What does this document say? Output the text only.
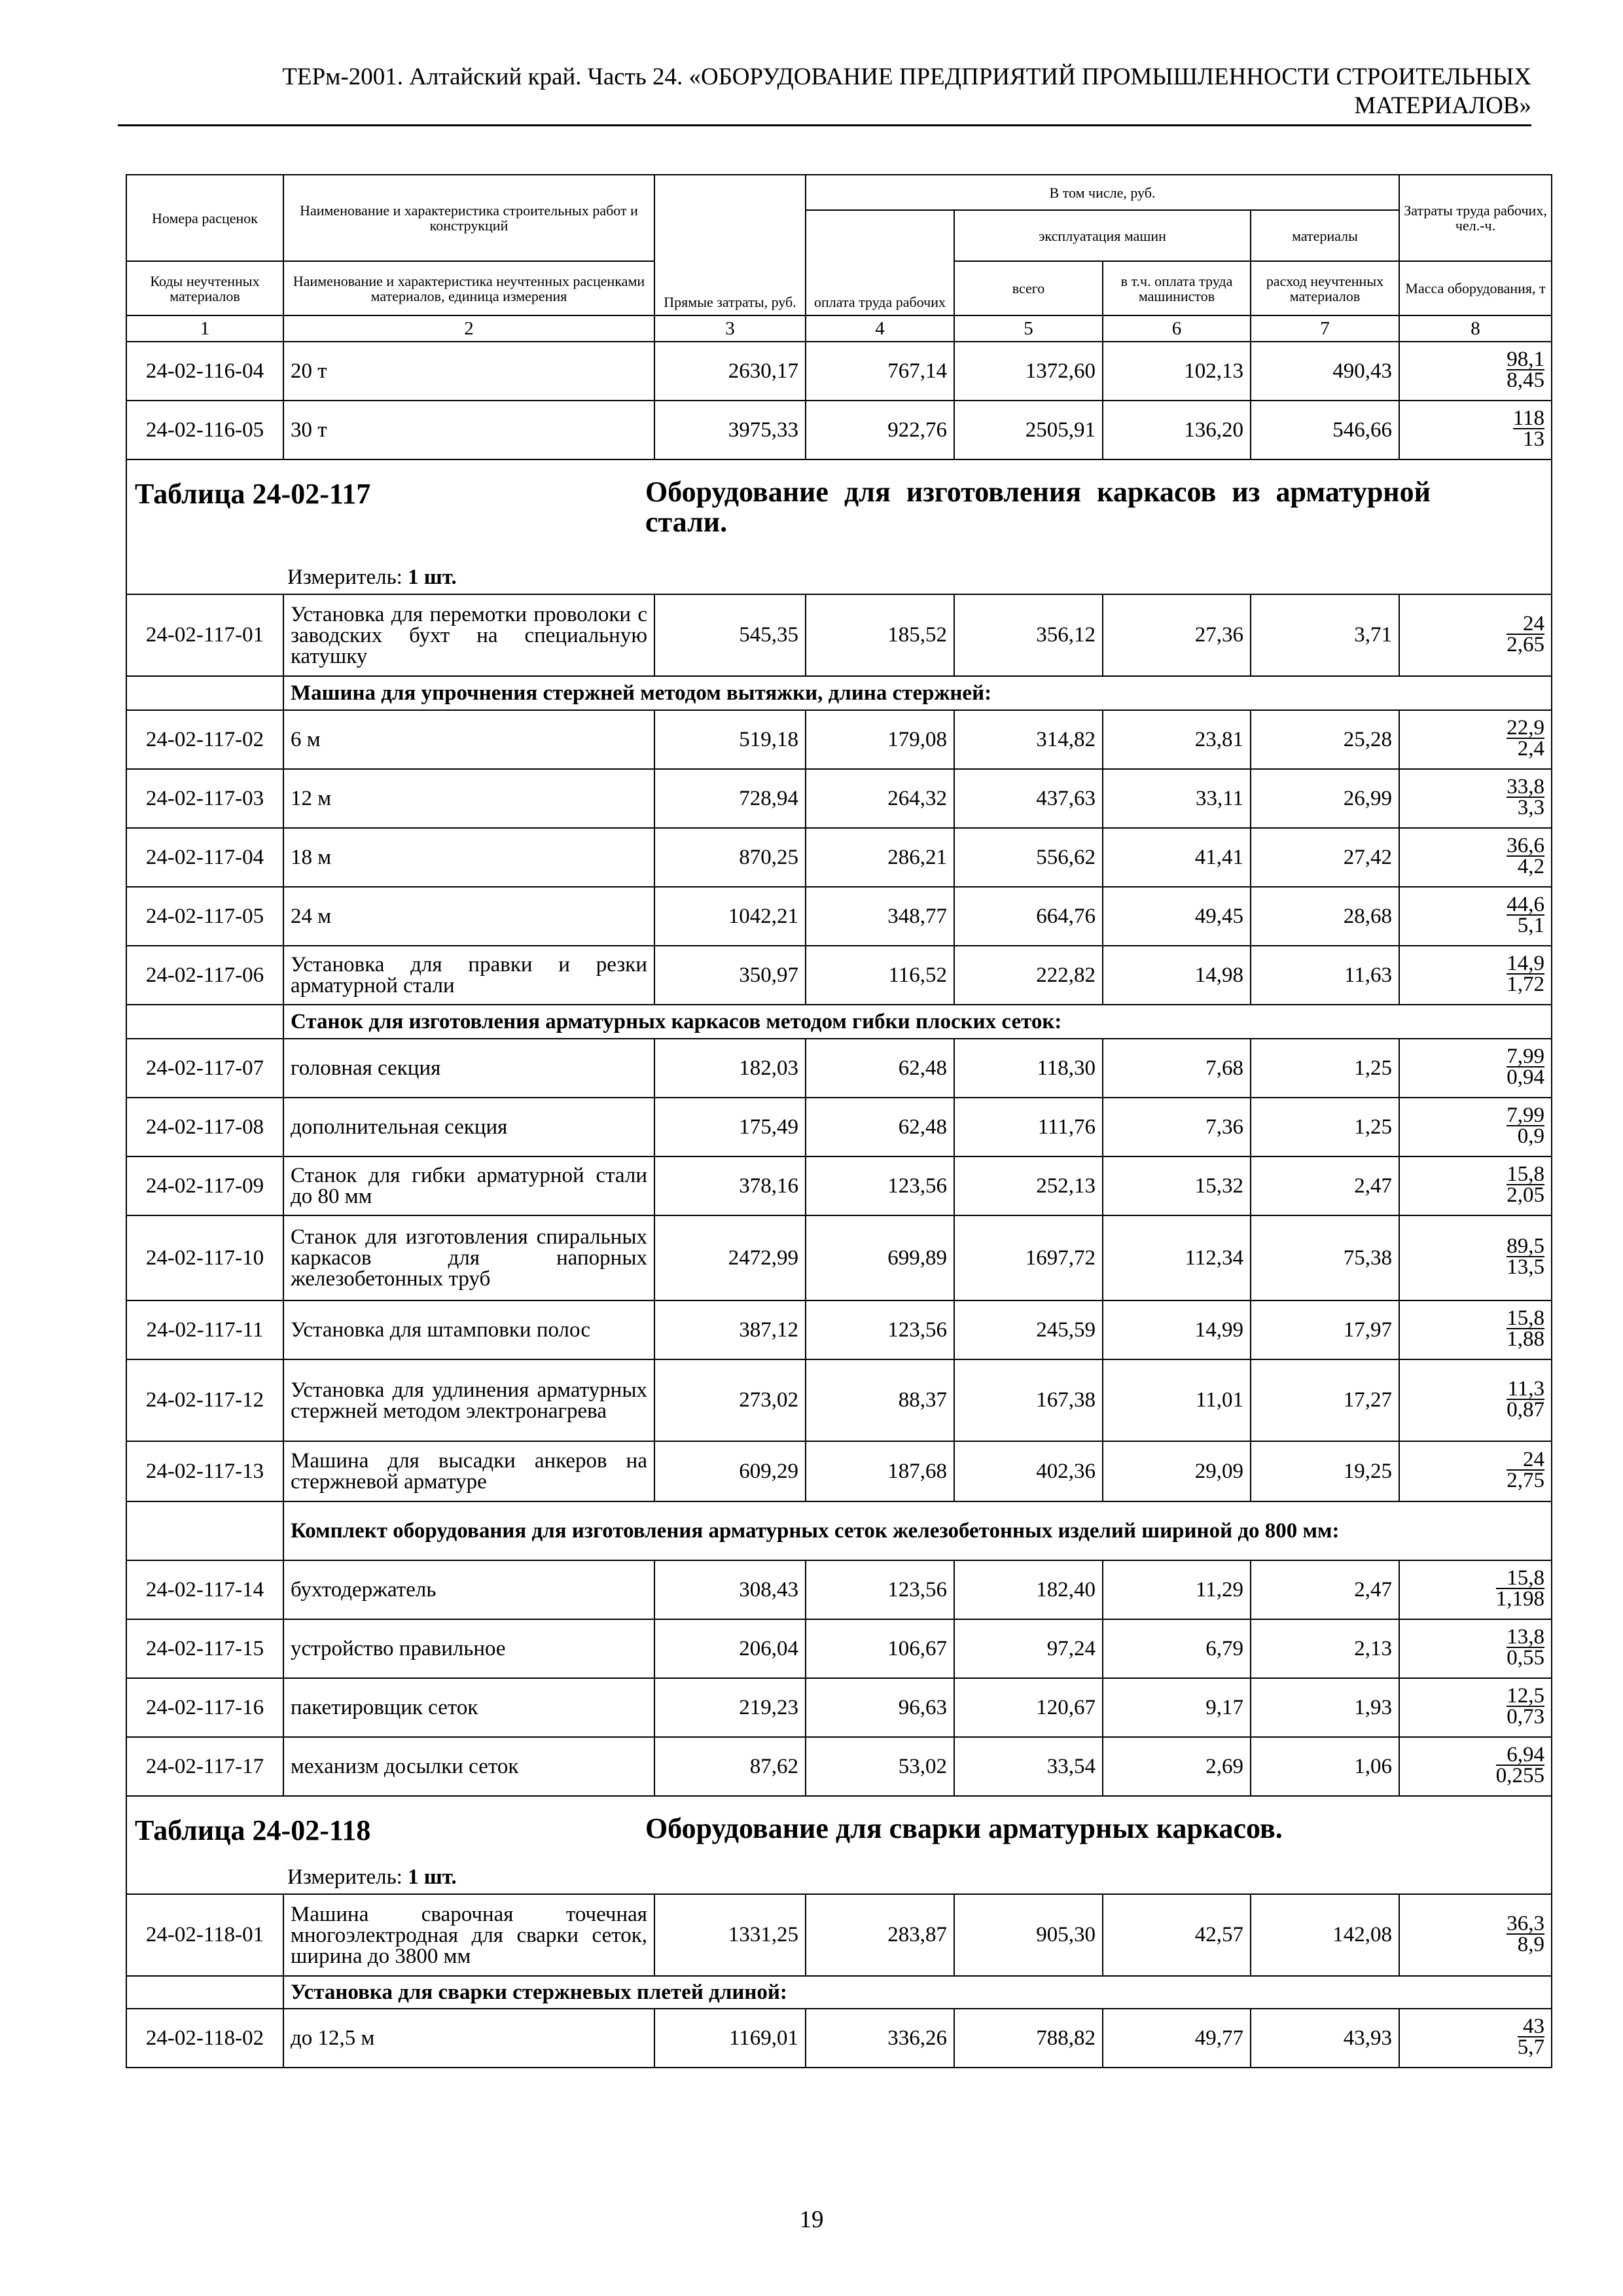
ТЕРм-2001. Алтайский край. Часть 24. «ОБОРУДОВАНИЕ ПРЕДПРИЯТИЙ ПРОМЫШЛЕННОСТИ СТРОИТЕЛЬНЫХ
МАТЕРИАЛОВ»
Номера расценок	Наименование и характеристика строительных работ и конструкций	Прямые затраты, руб.	В том числе, руб.				Затраты труда рабочих, чел.-ч.
			оплата труда рабочих	эксплуатация машин		материалы	
Коды неучтенных материалов	Наименование и характеристика неучтенных расценками материалов, единица измерения			всего	в т.ч. оплата труда машинистов	расход неучтенных материалов	Масса оборудования, т
1	2	3	4	5	6	7	8
24-02-116-04	20 т	2630,17	767,14	1372,60	102,13	490,43	$\frac{98,1}{8,45}$

24-02-116-05	30 т	3975,33	922,76	2505,91	136,20	546,66	$\frac{118}{13}$

Таблица 24-02-117 Оборудование для изготовления каркасов из арматурной стали.
Измеритель: 1 шт.							

24-02-117-01	Установка для перемотки проволоки с заводских бухт на специальную катушку	545,35	185,52	356,12	27,36	3,71	$\frac{24}{2,65}$

	Машина для упрочнения стержней методом вытяжки, длина стержней:						
24-02-117-02	6 м	519,18	179,08	314,82	23,81	25,28	$\frac{22,9}{2,4}$

24-02-117-03	12 м	728,94	264,32	437,63	33,11	26,99	$\frac{33,8}{3,3}$

24-02-117-04	18 м	870,25	286,21	556,62	41,41	27,42	$\frac{36,6}{4,2}$

24-02-117-05	24 м	1042,21	348,77	664,76	49,45	28,68	$\frac{44,6}{5,1}$

24-02-117-06	Установка для правки и резки арматурной стали	350,97	116,52	222,82	14,98	11,63	$\frac{14,9}{1,72}$

	Станок для изготовления арматурных каркасов методом гибки плоских сеток:						
24-02-117-07	головная секция	182,03	62,48	118,30	7,68	1,25	$\frac{7,99}{0,94}$

24-02-117-08	дополнительная секция	175,49	62,48	111,76	7,36	1,25	$\frac{7,99}{0,9}$

24-02-117-09	Станок для гибки арматурной стали до 80 мм	378,16	123,56	252,13	15,32	2,47	$\frac{15,8}{2,05}$

24-02-117-10	Станок для изготовления спиральных каркасов для напорных железобетонных труб	2472,99	699,89	1697,72	112,34	75,38	$\frac{89,5}{13,5}$

24-02-117-11	Установка для штамповки полос	387,12	123,56	245,59	14,99	17,97	$\frac{15,8}{1,88}$

24-02-117-12	Установка для удлинения арматурных стержней методом электронагрева	273,02	88,37	167,38	11,01	17,27	$\frac{11,3}{0,87}$

24-02-117-13	Машина для высадки анкеров на стержневой арматуре	609,29	187,68	402,36	29,09	19,25	$\frac{24}{2,75}$

	Комплект оборудования для изготовления арматурных сеток железобетонных изделий шириной до 800 мм:						
24-02-117-14	бухтодержатель	308,43	123,56	182,40	11,29	2,47	$\frac{15,8}{1,198}$

24-02-117-15	устройство правильное	206,04	106,67	97,24	6,79	2,13	$\frac{13,8}{0,55}$

24-02-117-16	пакетировщик сеток	219,23	96,63	120,67	9,17	1,93	$\frac{12,5}{0,73}$

24-02-117-17	механизм досылки сеток	87,62	53,02	33,54	2,69	1,06	$\frac{6,94}{0,255}$

Таблица 24-02-118 Оборудование для сварки арматурных каркасов.
Измеритель: 1 шт.							

24-02-118-01	Машина сварочная точечная многоэлектродная для сварки сеток, ширина до 3800 мм	1331,25	283,87	905,30	42,57	142,08	$\frac{36,3}{8,9}$

	Установка для сварки стержневых плетей длиной:						
24-02-118-02	до 12,5 м	1169,01	336,26	788,82	49,77	43,93	$\frac{43}{5,7}$
19
